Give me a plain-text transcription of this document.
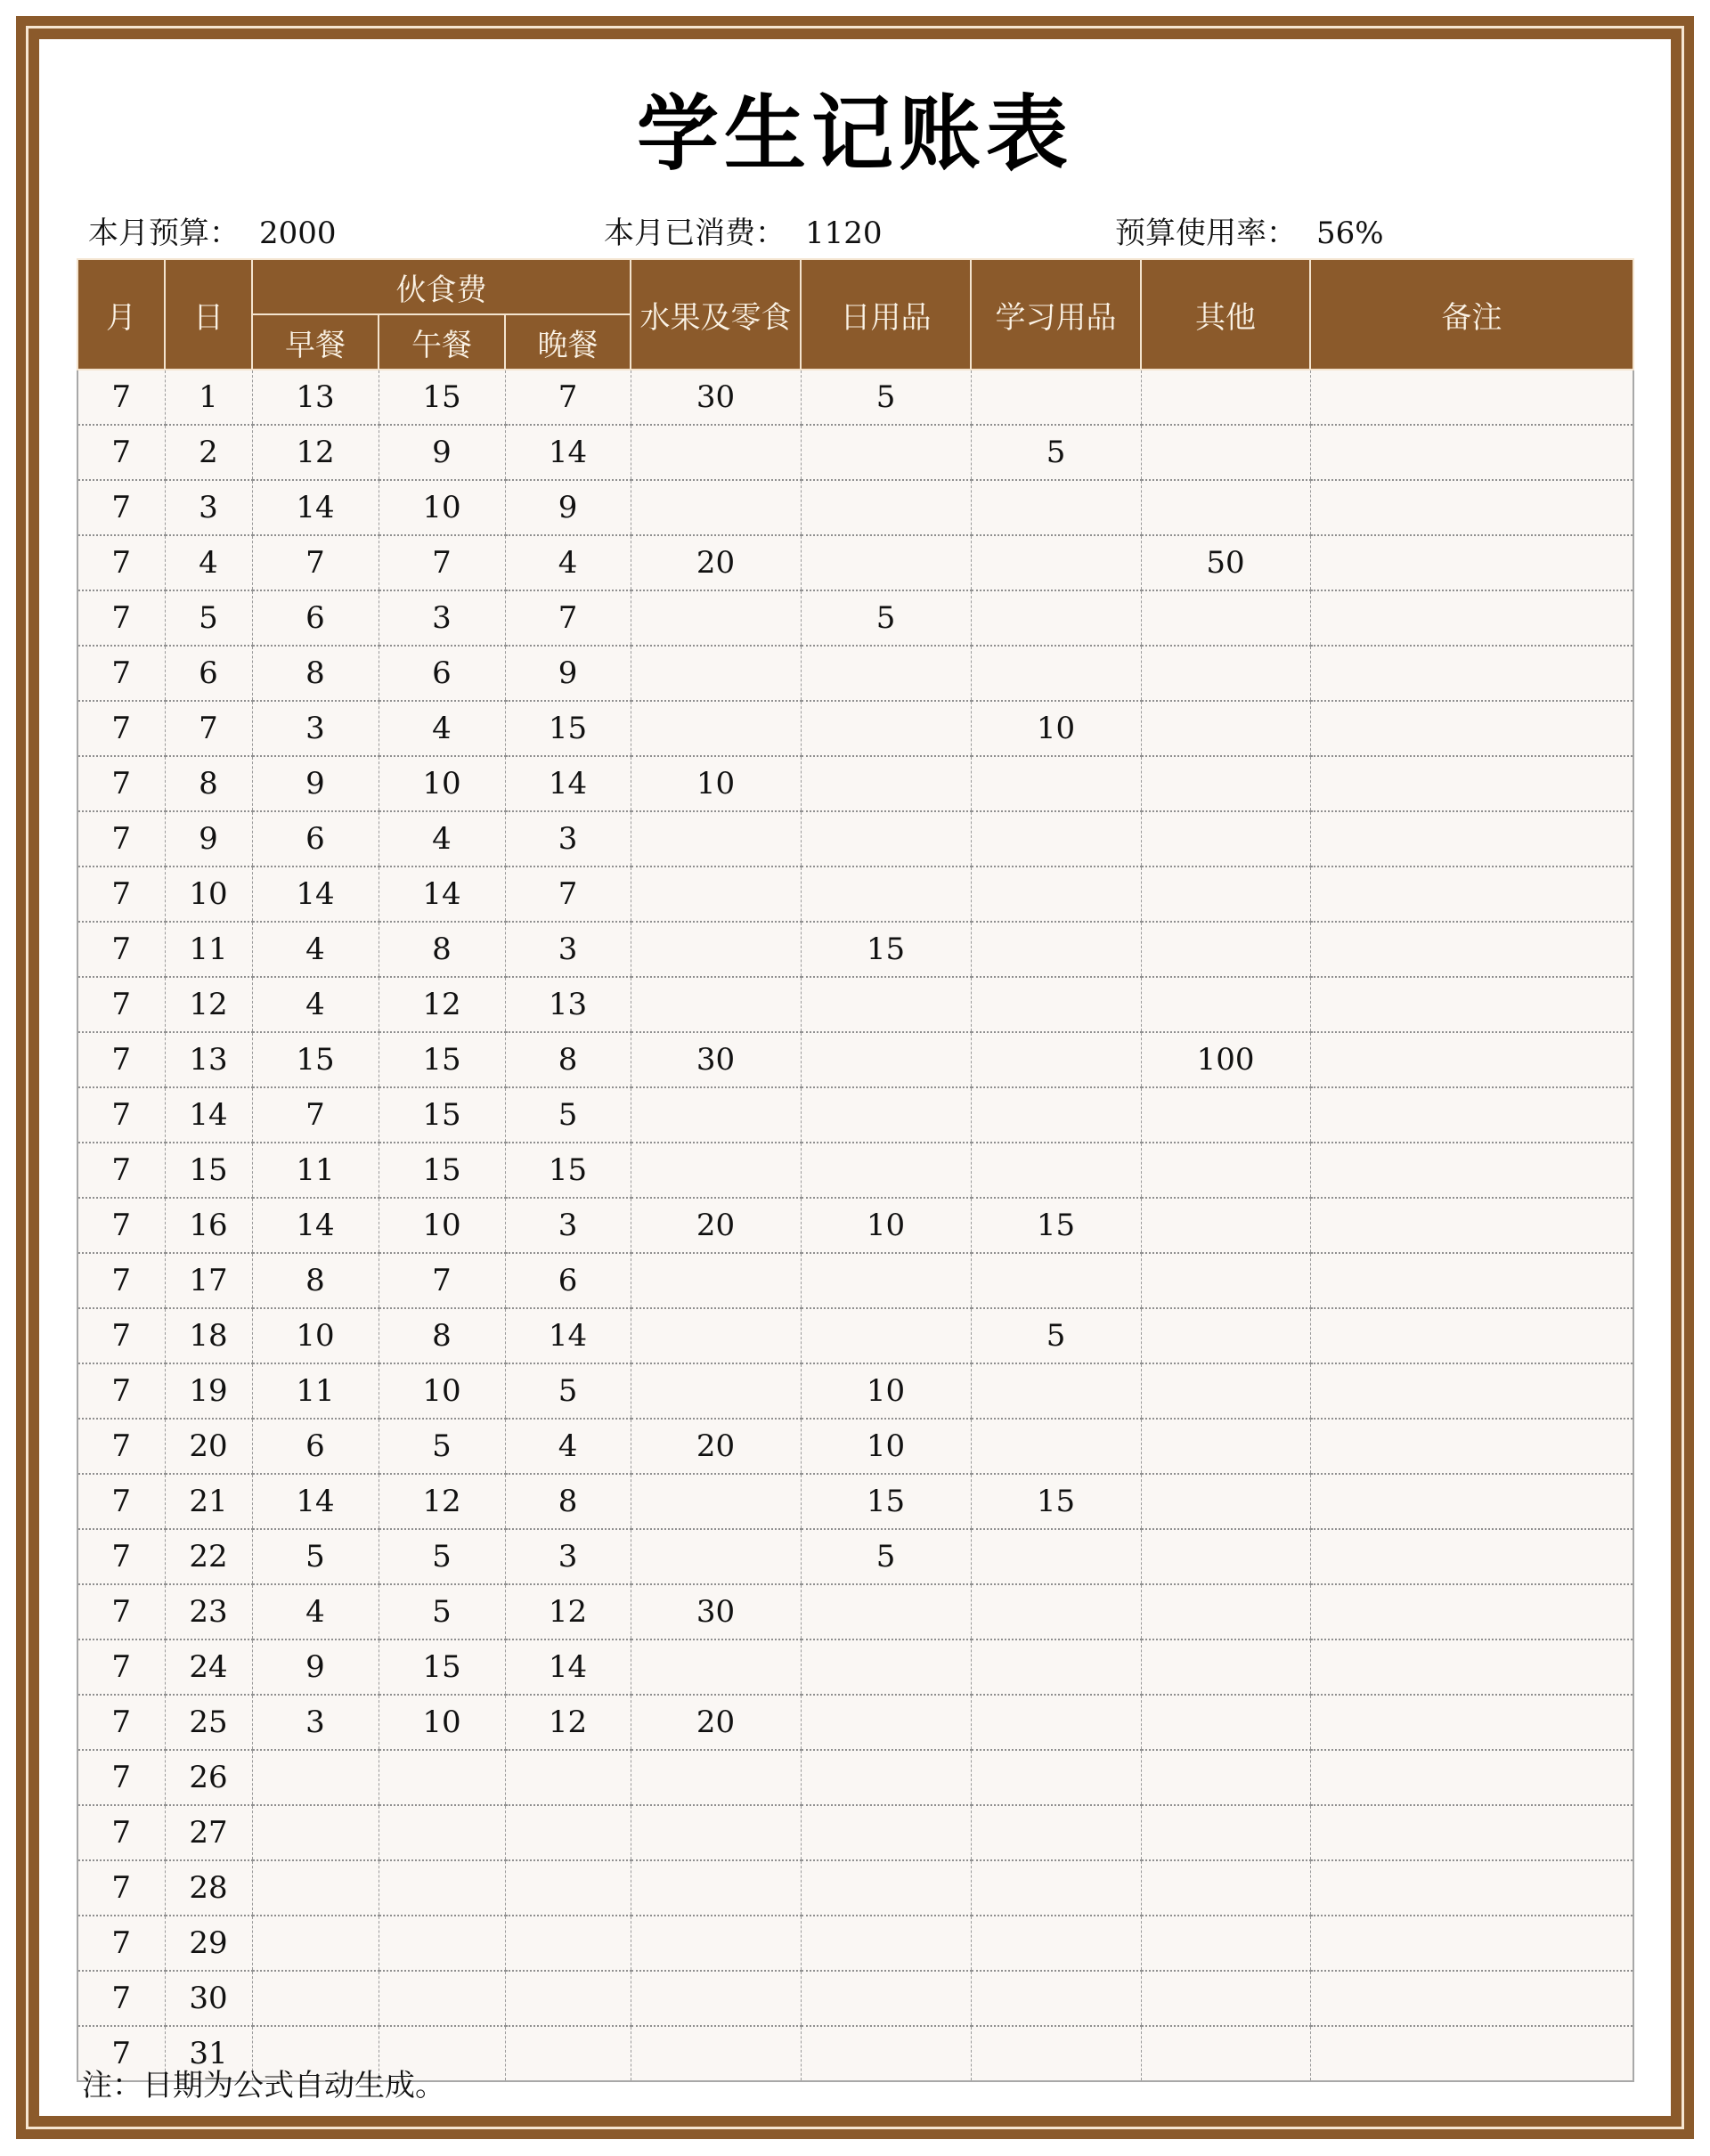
学生记账表
本月预算： 2000	本月已消费： 1120	预算使用率： 56%
月	日	伙食费			水果及零食	日用品	学习用品	其他	备注
		早餐	午餐	晚餐					
7	1	13	15	7	30	5			
7	2	12	9	14			5		
7	3	14	10	9					
7	4	7	7	4	20			50	
7	5	6	3	7		5			
7	6	8	6	9					
7	7	3	4	15			10		
7	8	9	10	14	10				
7	9	6	4	3					
7	10	14	14	7					
7	11	4	8	3		15			
7	12	4	12	13					
7	13	15	15	8	30			100	
7	14	7	15	5					
7	15	11	15	15					
7	16	14	10	3	20	10	15		
7	17	8	7	6					
7	18	10	8	14			5		
7	19	11	10	5		10			
7	20	6	5	4	20	10			
7	21	14	12	8		15	15		
7	22	5	5	3		5			
7	23	4	5	12	30				
7	24	9	15	14					
7	25	3	10	12	20				
7	26								
7	27								
7	28								
7	29								
7	30								
7	31								
注：日期为公式自动生成。
